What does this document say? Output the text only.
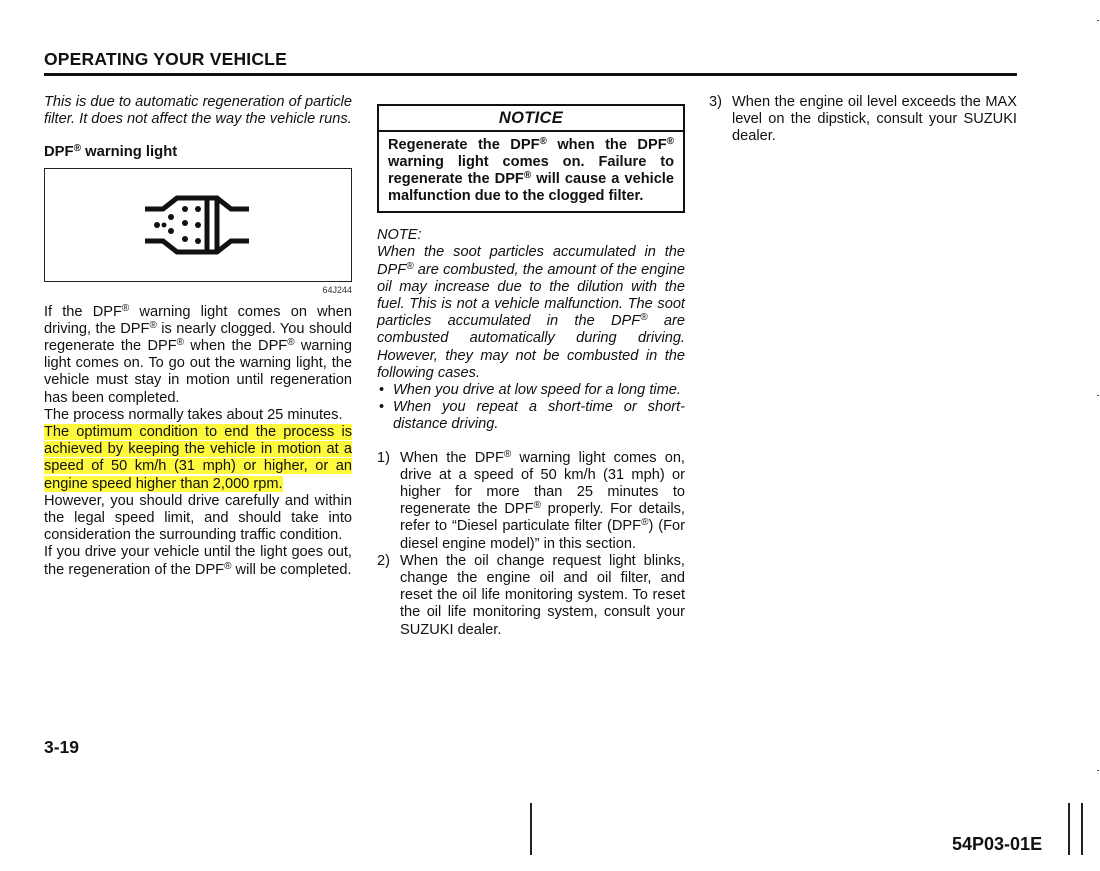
OPERATING YOUR VEHICLE

This is due to automatic regeneration of particle filter. It does not affect the way the vehicle runs.

DPF® warning light
64J244

If the DPF® warning light comes on when driving, the DPF® is nearly clogged. You should regenerate the DPF® when the DPF® warning light comes on. To go out the warning light, the vehicle must stay in motion until regeneration has been completed.

The process normally takes about 25 minutes.

The optimum condition to end the process is achieved by keeping the vehicle in motion at a speed of 50 km/h (31 mph) or higher, or an engine speed higher than 2,000 rpm.

However, you should drive carefully and within the legal speed limit, and should take into consideration the surrounding traffic condition.

If you drive your vehicle until the light goes out, the regeneration of the DPF® will be completed.

NOTICE
Regenerate the DPF® when the DPF® warning light comes on. Failure to regenerate the DPF® will cause a vehicle malfunction due to the clogged filter.
NOTE:

When the soot particles accumulated in the DPF® are combusted, the amount of the engine oil may increase due to the dilution with the fuel. This is not a vehicle malfunction. The soot particles accumulated in the DPF® are combusted automatically during driving. However, they may not be combusted in the following cases.

• When you drive at low speed for a long time.
• When you repeat a short-time or short-distance driving.
1) When the DPF® warning light comes on, drive at a speed of 50 km/h (31 mph) or higher for more than 25 minutes to regenerate the DPF® properly. For details, refer to “Diesel particulate filter (DPF®) (For diesel engine model)” in this section.
2) When the oil change request light blinks, change the engine oil and oil filter, and reset the oil life monitoring system. To reset the oil life monitoring system, consult your SUZUKI dealer.
3) When the engine oil level exceeds the MAX level on the dipstick, consult your SUZUKI dealer.
3-19
54P03-01E
